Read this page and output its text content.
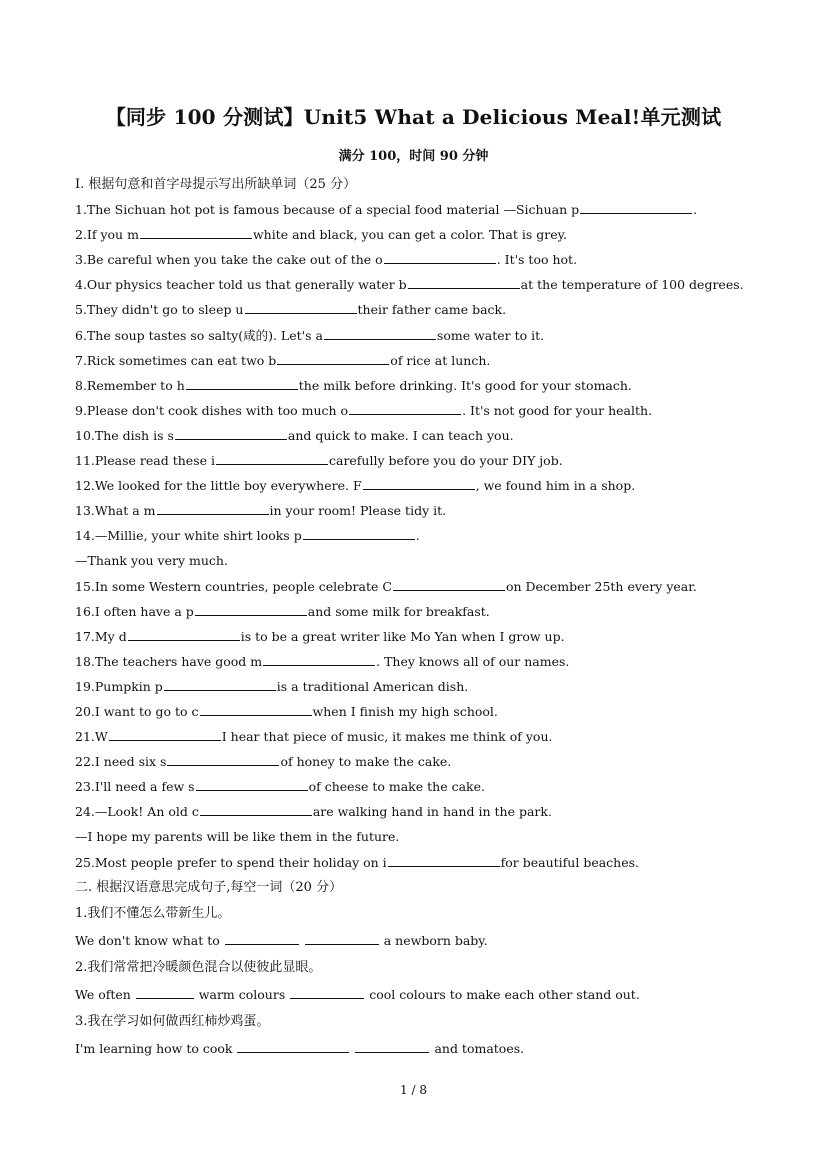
【同步 100 分测试】Unit5 What a Delicious Meal!单元测试
满分 100，时间 90 分钟
I. 根据句意和首字母提示写出所缺单词（25 分）
1.The Sichuan hot pot is famous because of a special food material —Sichuan p	.
2.If you m	white and black, you can get a color. That is grey.
3.Be careful when you take the cake out of the o	. It's too hot.
4.Our physics teacher told us that generally water b	at the temperature of 100 degrees.
5.They didn't go to sleep u	their father came back.
6.The soup tastes so salty(咸的). Let's a	some water to it.
7.Rick sometimes can eat two b	of rice at lunch.
8.Remember to h	the milk before drinking. It's good for your stomach.
9.Please don't cook dishes with too much o	. It's not good for your health.
10.The dish is s	and quick to make. I can teach you.
11.Please read these i	carefully before you do your DIY job.
12.We looked for the little boy everywhere. F	, we found him in a shop.
13.What a m	in your room! Please tidy it.
14.—Millie, your white shirt looks p	.
—Thank you very much.
15.In some Western countries, people celebrate C	on December 25th every year.
16.I often have a p	and some milk for breakfast.
17.My d	is to be a great writer like Mo Yan when I grow up.
18.The teachers have good m	. They knows all of our names.
19.Pumpkin p	is a traditional American dish.
20.I want to go to c	when I finish my high school.
21.W	I hear that piece of music, it makes me think of you.
22.I need six s	of honey to make the cake.
23.I'll need a few s	of cheese to make the cake.
24.—Look! An old c	are walking hand in hand in the park.
—I hope my parents will be like them in the future.
25.Most people prefer to spend their holiday on i	for beautiful beaches.
二. 根据汉语意思完成句子,每空一词（20 分）
1.我们不懂怎么带新生儿。
We don't know what to	a newborn baby.
2.我们常常把冷暖颜色混合以使彼此显眼。
We often	warm colours	cool colours to make each other stand out.
3.我在学习如何做西红柿炒鸡蛋。
I'm learning how to cook	and tomatoes.
1 / 8
